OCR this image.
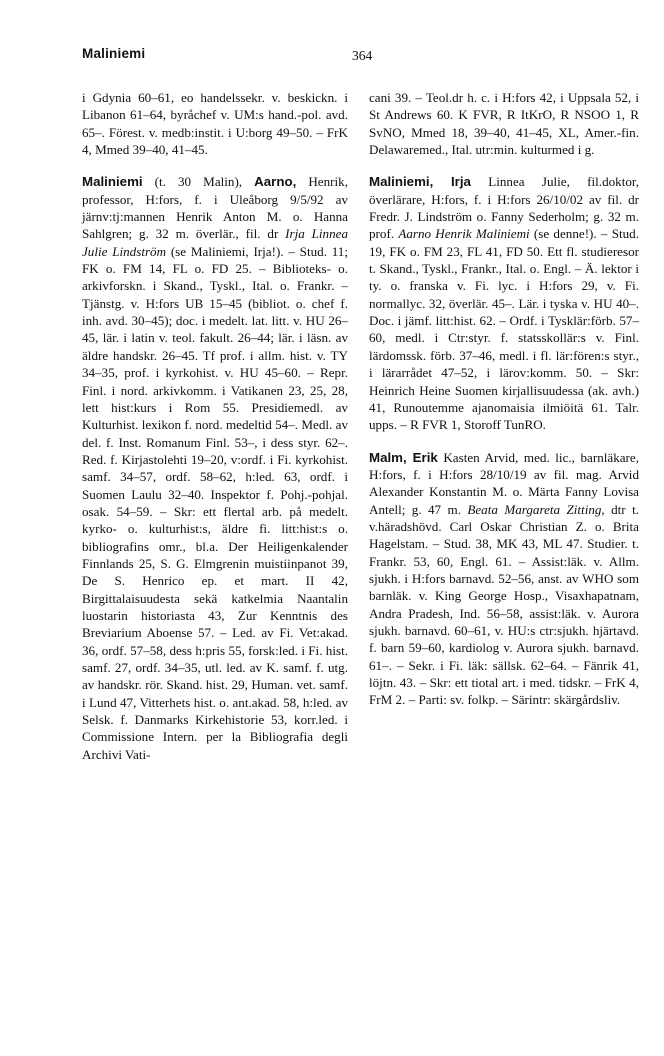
Maliniemi	364

i Gdynia 60–61, eo handelssekr. v. beskickn. i Libanon 61–64, byråchef v. UM:s hand.-pol. avd. 65–. Förest. v. medb:instit. i U:borg 49–50. – FrK 4, Mmed 39–40, 41–45.

Maliniemi (t. 30 Malin), Aarno, Henrik, professor, H:fors, f. i Uleåborg 9/5/92 av järnv:tj:mannen Henrik Anton M. o. Hanna Sahlgren; g. 32 m. överlär., fil. dr Irja Linnea Julie Lindström (se Maliniemi, Irja!). – Stud. 11; FK o. FM 14, FL o. FD 25. – Biblioteks- o. arkivforskn. i Skand., Tyskl., Ital. o. Frankr. – Tjänstg. v. H:fors UB 15–45 (bibliot. o. chef f. inh. avd. 30–45); doc. i medelt. lat. litt. v. HU 26–45, lär. i latin v. teol. fakult. 26–44; lär. i läsn. av äldre handskr. 26–45. Tf prof. i allm. hist. v. TY 34–35, prof. i kyrkohist. v. HU 45–60. – Repr. Finl. i nord. arkivkomm. i Vatikanen 23, 25, 28, lett hist:kurs i Rom 55. Presidiemedl. av Kulturhist. lexikon f. nord. medeltid 54–. Medl. av del. f. Inst. Romanum Finl. 53–, i dess styr. 62–. Red. f. Kirjastolehti 19–20, v:ordf. i Fi. kyrkohist. samf. 34–57, ordf. 58–62, h:led. 63, ordf. i Suomen Laulu 32–40. Inspektor f. Pohj.-pohjal. osak. 54–59. – Skr: ett flertal arb. på medelt. kyrko- o. kulturhist:s, äldre fi. litt:hist:s o. bibliografins omr., bl.a. Der Heiligenkalender Finnlands 25, S. G. Elmgrenin muistiinpanot 39, De S. Henrico ep. et mart. II 42, Birgittalaisuudesta sekä katkelmia Naantalin luostarin historiasta 43, Zur Kenntnis des Breviarium Aboense 57. – Led. av Fi. Vet:akad. 36, ordf. 57–58, dess h:pris 55, forsk:led. i Fi. hist. samf. 27, ordf. 34–35, utl. led. av K. samf. f. utg. av handskr. rör. Skand. hist. 29, Human. vet. samf. i Lund 47, Vitterhets hist. o. ant.akad. 58, h:led. av Selsk. f. Danmarks Kirkehistorie 53, korr.led. i Commissione Intern. per la Bibliografia degli Archivi Vati-

cani 39. – Teol.dr h. c. i H:fors 42, i Uppsala 52, i St Andrews 60. K FVR, R ItKrO, R NSOO 1, R SvNO, Mmed 18, 39–40, 41–45, XL, Amer.-fin. Delawaremed., Ital. utr:min. kulturmed i g.

Maliniemi, Irja Linnea Julie, fil.doktor, överlärare, H:fors, f. i H:fors 26/10/02 av fil. dr Fredr. J. Lindström o. Fanny Sederholm; g. 32 m. prof. Aarno Henrik Maliniemi (se denne!). – Stud. 19, FK o. FM 23, FL 41, FD 50. Ett fl. studieresor t. Skand., Tyskl., Frankr., Ital. o. Engl. – Ä. lektor i ty. o. franska v. Fi. lyc. i H:fors 29, v. Fi. normallyc. 32, överlär. 45–. Lär. i tyska v. HU 40–. Doc. i jämf. litt:hist. 62. – Ordf. i Tysklär:förb. 57–60, medl. i Ctr:styr. f. statsskollär:s v. Finl. lärdomssk. förb. 37–46, medl. i fl. lär:fören:s styr., i lärarrådet 47–52, i lärov:komm. 50. – Skr: Heinrich Heine Suomen kirjallisuudessa (ak. avh.) 41, Runoutemme ajanomaisia ilmiöitä 61. Talr. upps. – R FVR 1, Storoff TunRO.

Malm, Erik Kasten Arvid, med. lic., barnläkare, H:fors, f. i H:fors 28/10/19 av fil. mag. Arvid Alexander Konstantin M. o. Märta Fanny Lovisa Antell; g. 47 m. Beata Margareta Zitting, dtr t. v.häradshövd. Carl Oskar Christian Z. o. Brita Hagelstam. – Stud. 38, MK 43, ML 47. Studier. t. Frankr. 53, 60, Engl. 61. – Assist:läk. v. Allm. sjukh. i H:fors barnavd. 52–56, anst. av WHO som barnläk. v. King George Hosp., Visaxhapatnam, Andra Pradesh, Ind. 56–58, assist:läk. v. Aurora sjukh. barnavd. 60–61, v. HU:s ctr:sjukh. hjärtavd. f. barn 59–60, kardiolog v. Aurora sjukh. barnavd. 61–. – Sekr. i Fi. läk: sällsk. 62–64. – Fänrik 41, löjtn. 43. – Skr: ett tiotal art. i med. tidskr. – FrK 4, FrM 2. – Parti: sv. folkp. – Särintr: skärgårdsliv.
